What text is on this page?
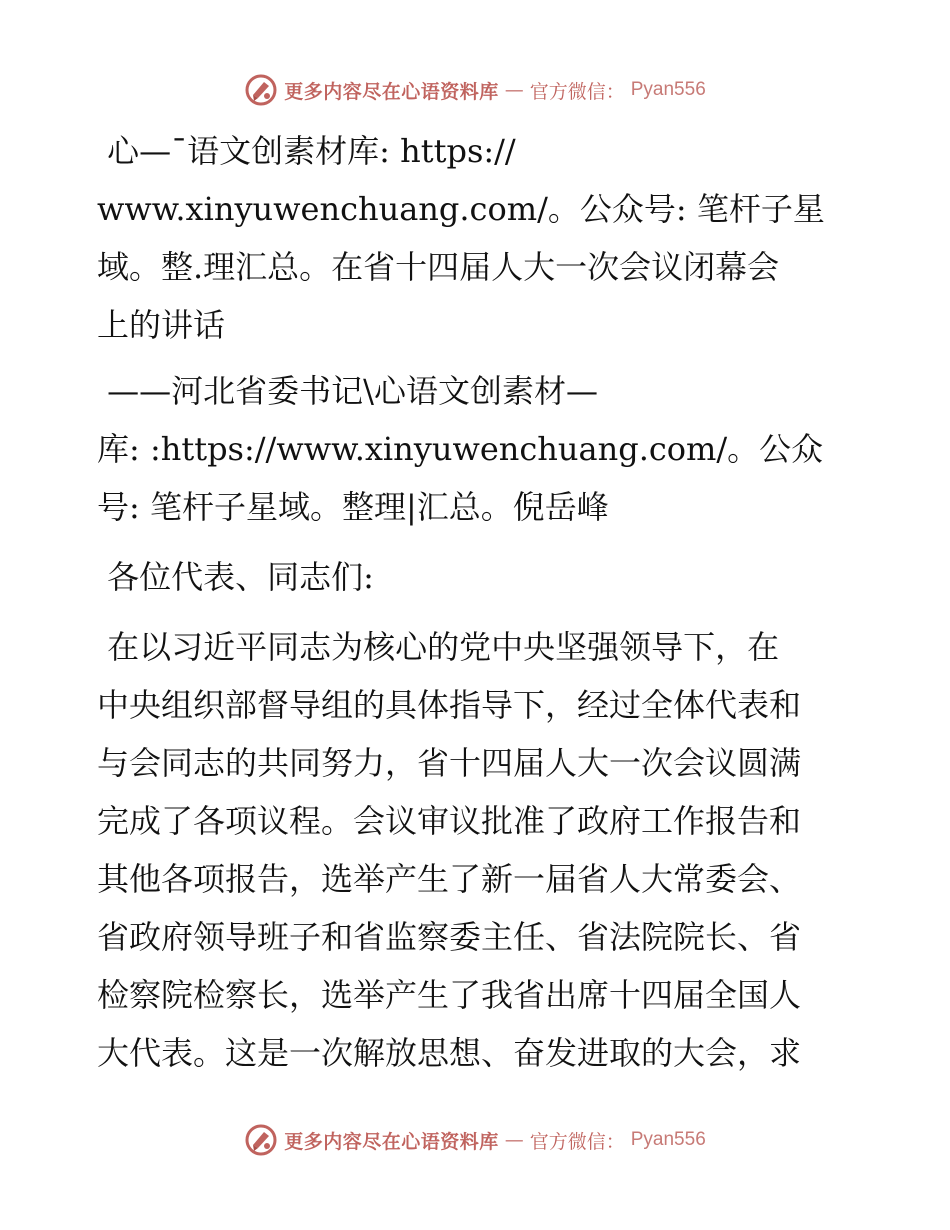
更多内容尽在心语资料库 — 官方微信： Pyan556

心—¯语文创素材库: https://
www.xinyuwenchuang.com/。公众号: 笔杆子星
域。整.理汇总。在省十四届人大一次会议闭幕会
上的讲话

——河北省委书记\心语文创素材—
库: :https://www.xinyuwenchuang.com/。公众
号: 笔杆子星域。整理|汇总。倪岳峰

各位代表、同志们:

在以习近平同志为核心的党中央坚强领导下，在
中央组织部督导组的具体指导下，经过全体代表和
与会同志的共同努力，省十四届人大一次会议圆满
完成了各项议程。会议审议批准了政府工作报告和
其他各项报告，选举产生了新一届省人大常委会、
省政府领导班子和省监察委主任、省法院院长、省
检察院检察长，选举产生了我省出席十四届全国人
大代表。这是一次解放思想、奋发进取的大会，求

更多内容尽在心语资料库 — 官方微信： Pyan556
